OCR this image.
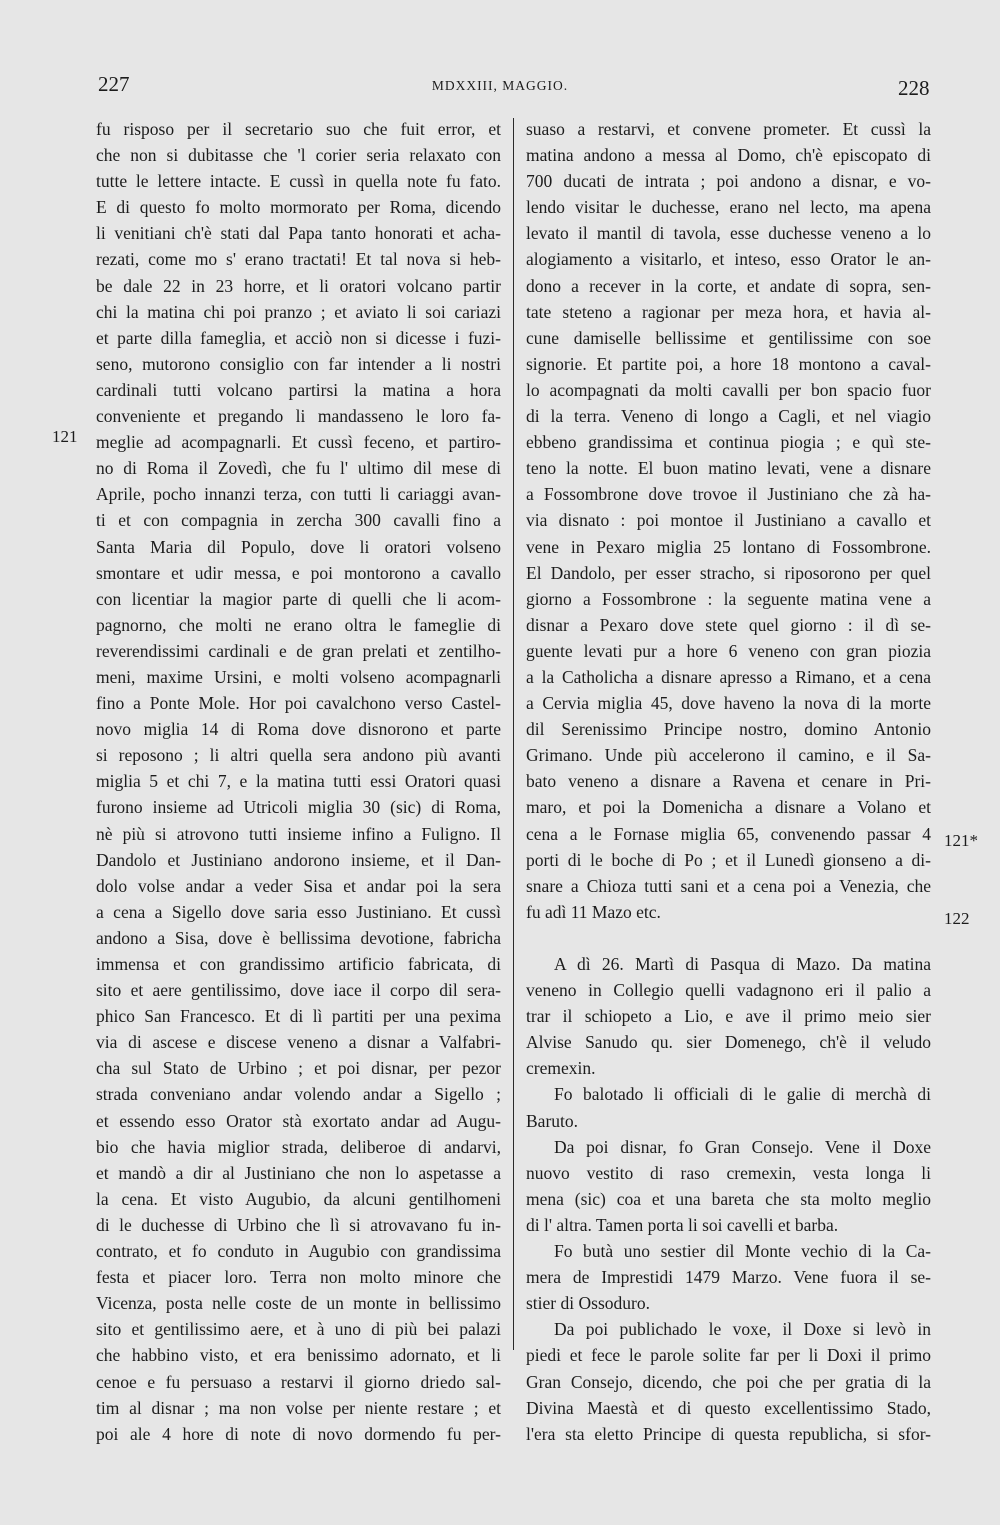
227	MDXXIII, MAGGIO.	228
121
121*
122
fu risposo per il secretario suo che fuit error, et
che non si dubitasse che 'l corier seria relaxato con
tutte le lettere intacte. E cussì in quella note fu fato.
E di questo fo molto mormorato per Roma, dicendo
li venitiani ch'è stati dal Papa tanto honorati et acha-
rezati, come mo s' erano tractati! Et tal nova si heb-
be dale 22 in 23 horre, et li oratori volcano partir
chi la matina chi poi pranzo ; et aviato li soi cariazi
et parte dilla famegliа, et acciò non si dicesse i fuzi-
seno, mutorono consiglio con far intender a li nostri
cardinali tutti volcano partirsi la matina a hora
conveniente et pregando li mandasseno le loro fa-
meglie ad acompagnarli. Et cussì feceno, et partiro-
no di Roma il Zovedì, che fu l' ultimo dil mese di
Aprile, pocho innanzi terza, con tutti li cariaggi avan-
ti et con compagnia in zercha 300 cavalli fino a
Santa Maria dil Populo, dove li oratori volseno
smontare et udir messa, e poi montorono a cavallo
con licentiar la magior parte di quelli che li acom-
pagnorno, che molti ne erano oltra le fameglie di
reverendissimi cardinali e de gran prelati et zentilho-
meni, maxime Ursini, e molti volseno acompagnarli
fino a Ponte Mole. Hor poi cavalchono verso Castel-
novo miglia 14 di Roma dove disnorono et parte
si reposono ; li altri quella sera andono più avanti
miglia 5 et chi 7, e la matina tutti essi Oratori quasi
furono insieme ad Utricoli miglia 30 (sic) di Roma,
nè più si atrovono tutti insieme infino a Fuligno. Il
Dandolo et Justiniano andorono insieme, et il Dan-
dolo volse andar a veder Sisa et andar poi la sera
a cena a Sigello dove saria esso Justiniano. Et cussì
andono a Sisa, dove è bellissima devotione, fabricha
immensa et con grandissimo artificio fabricata, di
sito et aere gentilissimo, dove iace il corpo dil sera-
phico San Francesco. Et di lì partiti per una pexima
via di ascese e discese veneno a disnar a Valfabri-
cha sul Stato de Urbino ; et poi disnar, per pezor
strada conveniano andar volendo andar a Sigello ;
et essendo esso Orator stà exortato andar ad Augu-
bio che havia miglior strada, deliberoe di andarvi,
et mandò a dir al Justiniano che non lo aspetasse a
la cena. Et visto Augubio, da alcuni gentilhomeni
di le duchesse di Urbino che lì si atrovavano fu in-
contrato, et fo conduto in Augubio con grandissima
festa et piacer loro. Terra non molto minore che
Vicenza, posta nelle coste de un monte in bellissimo
sito et gentilissimo aere, et à uno di più bei palazi
che habbino visto, et era benissimo adornato, et li
cenoe e fu persuaso a restarvi il giorno driedo sal-
tim al disnar ; ma non volse per niente restare ; et
poi ale 4 hore di note di novo dormendo fu per-
suaso a restarvi, et convene prometer. Et cussì la
matina andono a messa al Domo, ch'è episcopato di
700 ducati de intrata ; poi andono a disnar, e vo-
lendo visitar le duchesse, erano nel lecto, ma apena
levato il mantil di tavola, esse duchesse veneno a lo
alogiamento a visitarlo, et inteso, esso Orator le an-
dono a recever in la corte, et andate di sopra, sen-
tate steteno a ragionar per meza hora, et havia al-
cune damiselle bellissime et gentilissime con soe
signorie. Et partite poi, a hore 18 montono a caval-
lo acompagnati da molti cavalli per bon spacio fuor
di la terra. Veneno di longo a Cagli, et nel viagio
ebbeno grandissima et continua piogia ; e quì ste-
teno la notte. El buon matino levati, vene a disnare
a Fossombrone dove trovoe il Justiniano che zà ha-
via disnato : poi montoe il Justiniano a cavallo et
vene in Pexaro miglia 25 lontano di Fossombrone.
El Dandolo, per esser stracho, si riposorono per quel
giorno a Fossombrone : la seguente matina vene a
disnar a Pexaro dove stete quel giorno : il dì se-
guente levati pur a hore 6 veneno con gran piozia
a la Catholicha a disnare apresso a Rimano, et a cena
a Cervia miglia 45, dove haveno la nova di la morte
dil Serenissimo Principe nostro, domino Antonio
Grimano. Unde più accelerono il camino, e il Sa-
bato veneno a disnare a Ravena et cenare in Pri-
maro, et poi la Domenicha a disnare a Volano et
cena a le Fornase miglia 65, convenendo passar 4
porti di le boche di Po ; et il Lunedì gionseno a di-
snare a Chioza tutti sani et a cena poi a Venezia, che
fu adì 11 Mazo etc.
A dì 26. Martì di Pasqua di Mazo. Da matina
veneno in Collegio quelli vadagnono eri il palio a
trar il schiopeto a Lio, e ave il primo meio sier
Alvise Sanudo qu. sier Domenego, ch'è il veludo
cremexin.
Fo balotado li officiali di le galie di merchà di
Baruto.
Da poi disnar, fo Gran Consejo. Vene il Doxe
nuovo vestito di raso cremexin, vesta longa li
mena (sic) coa et una bareta che sta molto meglio
di l' altra. Tamen porta li soi cavelli et barba.
Fo butà uno sestier dil Monte vechio di la Ca-
mera de Imprestidi 1479 Marzo. Vene fuora il se-
stier di Ossoduro.
Da poi publichado le voxe, il Doxe si levò in
piedi et fece le parole solite far per li Doxi il primo
Gran Consejo, dicendo, che poi che per gratia di la
Divina Maestà et di questo excellentissimo Stado,
l'era sta eletto Principe di questa republicha, si sfor-
